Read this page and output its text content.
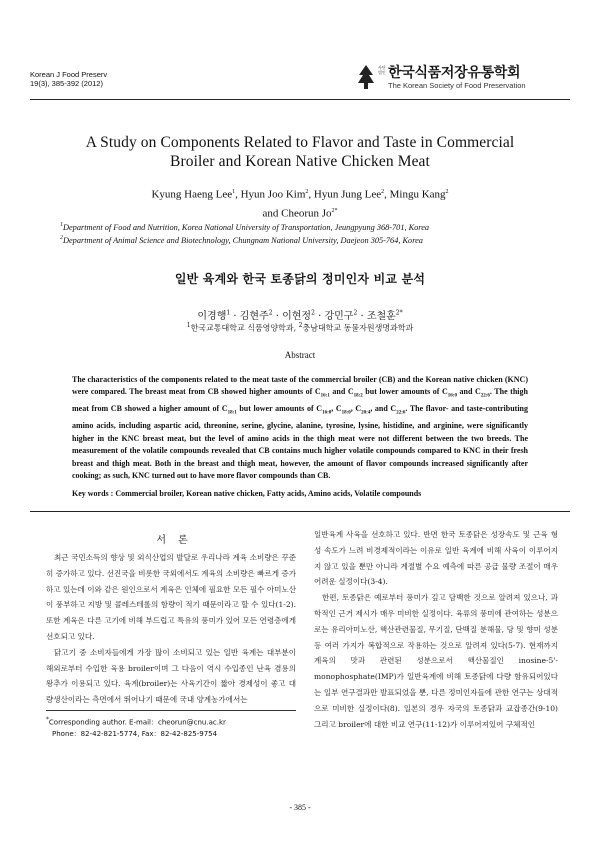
Korean J Food Preserv
19(3), 385-392 (2012)
사단법인 한국식품저장유통학회
The Korean Society of Food Preservation
A Study on Components Related to Flavor and Taste in Commercial
Broiler and Korean Native Chicken Meat
Kyung Haeng Lee$^1$, Hyun Joo Kim$^2$, Hyun Jung Lee$^2$, Mingu Kang$^2$
and Cheorun $Jo^{2*}$
$^1$Department of Food and Nutrition, Korea National University of Transportation, Jeungpyung 368-701, Korea
$^2$Department of Animal Science and Biotechnology, Chungnam National University, Daejeon 305-764, Korea
일반 육계와 한국 토종닭의 정미인자 비교 분석
이경행$^1$ · 김현주$^2$ · 이현정$^2$ · 강민구$^2$ · 조철훈$^{2*}$
$^1$한국교통대학교 식품영양학과, $^2$충남대학교 동물자원생명과학과
Abstract
The characteristics of the components related to the meat taste of the commercial broiler (CB) and the Korean native chicken (KNC) were compared. The breast meat from CB showed higher amounts of $C_{16:1}$ and $C_{18:2}$ but lower amounts of $C_{16:0}$ and $C_{22:6}$. The thigh meat from CB showed a higher amount of $C_{18:1}$ but lower amounts of $C_{16:0}$, $C_{18:0}$, $C_{20:4}$, and $C_{22:6}$. The flavor- and taste-contributing amino acids, including aspartic acid, threonine, serine, glycine, alanine, tyrosine, lysine, histidine, and arginine, were significantly higher in the KNC breast meat, but the level of amino acids in the thigh meat were not different between the two breeds. The measurement of the volatile compounds revealed that CB contains much higher volatile compounds compared to KNC in their fresh breast and thigh meat. Both in the breast and thigh meat, however, the amount of flavor compounds increased significantly after cooking; as such, KNC turned out to have more flavor compounds than CB.
Key words : Commercial broiler, Korean native chicken, Fatty acids, Amino acids, Volatile compounds
서론

최근 국민소득의 향상 및 외식산업의 발달로 우리나라 계육 소비량은 꾸준히 증가하고 있다. 선진국을 비롯한 국외에서도 계육의 소비량은 빠르게 증가하고 있는데 이와 같은 원인으로서 계육은 인체에 필요한 모든 필수 아미노산이 풍부하고 지방 및 콜레스테롤의 함량이 적기 때문이라고 할 수 있다(1-2). 또한 계육은 다른 고기에 비해 부드럽고 특유의 풍미가 있어 모든 연령층에게 선호되고 있다.

닭고기 중 소비자들에게 가장 많이 소비되고 있는 일반 육계는 대부분이 해외로부터 수입한 육용 broiler이며 그 다음이 역시 수입종인 난육 겸용의 왕추가 이용되고 있다. 육계(broiler)는 사육기간이 짧아 경제성이 좋고 대량생산이라는 측면에서 뛰어나기 때문에 국내 양계농가에서는

일반육계 사육을 선호하고 있다. 반면 한국 토종닭은 성장속도 및 근육 형성 속도가 느려 비경제적이라는 이유로 일반 육계에 비해 사육이 이루어지지 않고 있을 뿐만 아니라 계절별 수요 예측에 따른 공급 물량 조절이 매우 어려운 실정이다(3-4).

한편, 토종닭은 예로부터 풍미가 깊고 담백한 것으로 알려져 있으나, 과학적인 근거 제시가 매우 미비한 실정이다. 육류의 풍미에 관여하는 성분으로는 유리아미노산, 핵산관련물질, 무기질, 단백질 분해물, 당 및 향미 성분 등 여러 가지가 복합적으로 작용하는 것으로 알려져 있다(5-7). 현재까지 계육의 맛과 관련된 성분으로서 핵산물질인 inosine-5'-monophosphate(IMP)가 일반육계에 비해 토종닭에 다량 함유되어있다는 일부 연구결과만 발표되었을 뿐, 다른 정미인자들에 관한 연구는 상대적으로 미비한 실정이다(8). 일본의 경우 자국의 토종닭과 교잡종간(9-10) 그리고 broiler에 대한 비교 연구(11-12)가 이루어져있어 구체적인

*Corresponding author. E-mail：cheorun@cnu.ac.kr
Phone：82-42-821-5774, Fax：82-42-825-9754
- 385 -
